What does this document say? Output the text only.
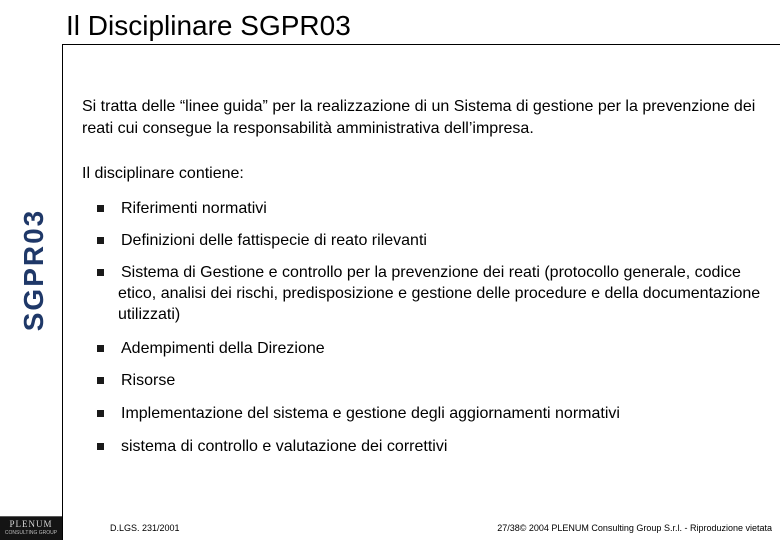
Il Disciplinare SGPR03
SGPR03

Si tratta delle “linee guida” per la realizzazione di un Sistema di gestione per la prevenzione dei reati cui consegue la responsabilità amministrativa dell’impresa.

Il disciplinare contiene:
Riferimenti normativi
Definizioni delle fattispecie di reato rilevanti
Sistema di Gestione e controllo per la prevenzione dei reati (protocollo generale, codice etico, analisi dei rischi, predisposizione e gestione delle procedure e della documentazione utilizzati)
Adempimenti della Direzione
Risorse
Implementazione del sistema e gestione degli aggiornamenti normativi
sistema di controllo e valutazione dei correttivi
PLENUM
CONSULTING GROUP	D.LGS. 231/2001	27/38© 2004 PLENUM Consulting Group S.r.l. - Riproduzione vietata
